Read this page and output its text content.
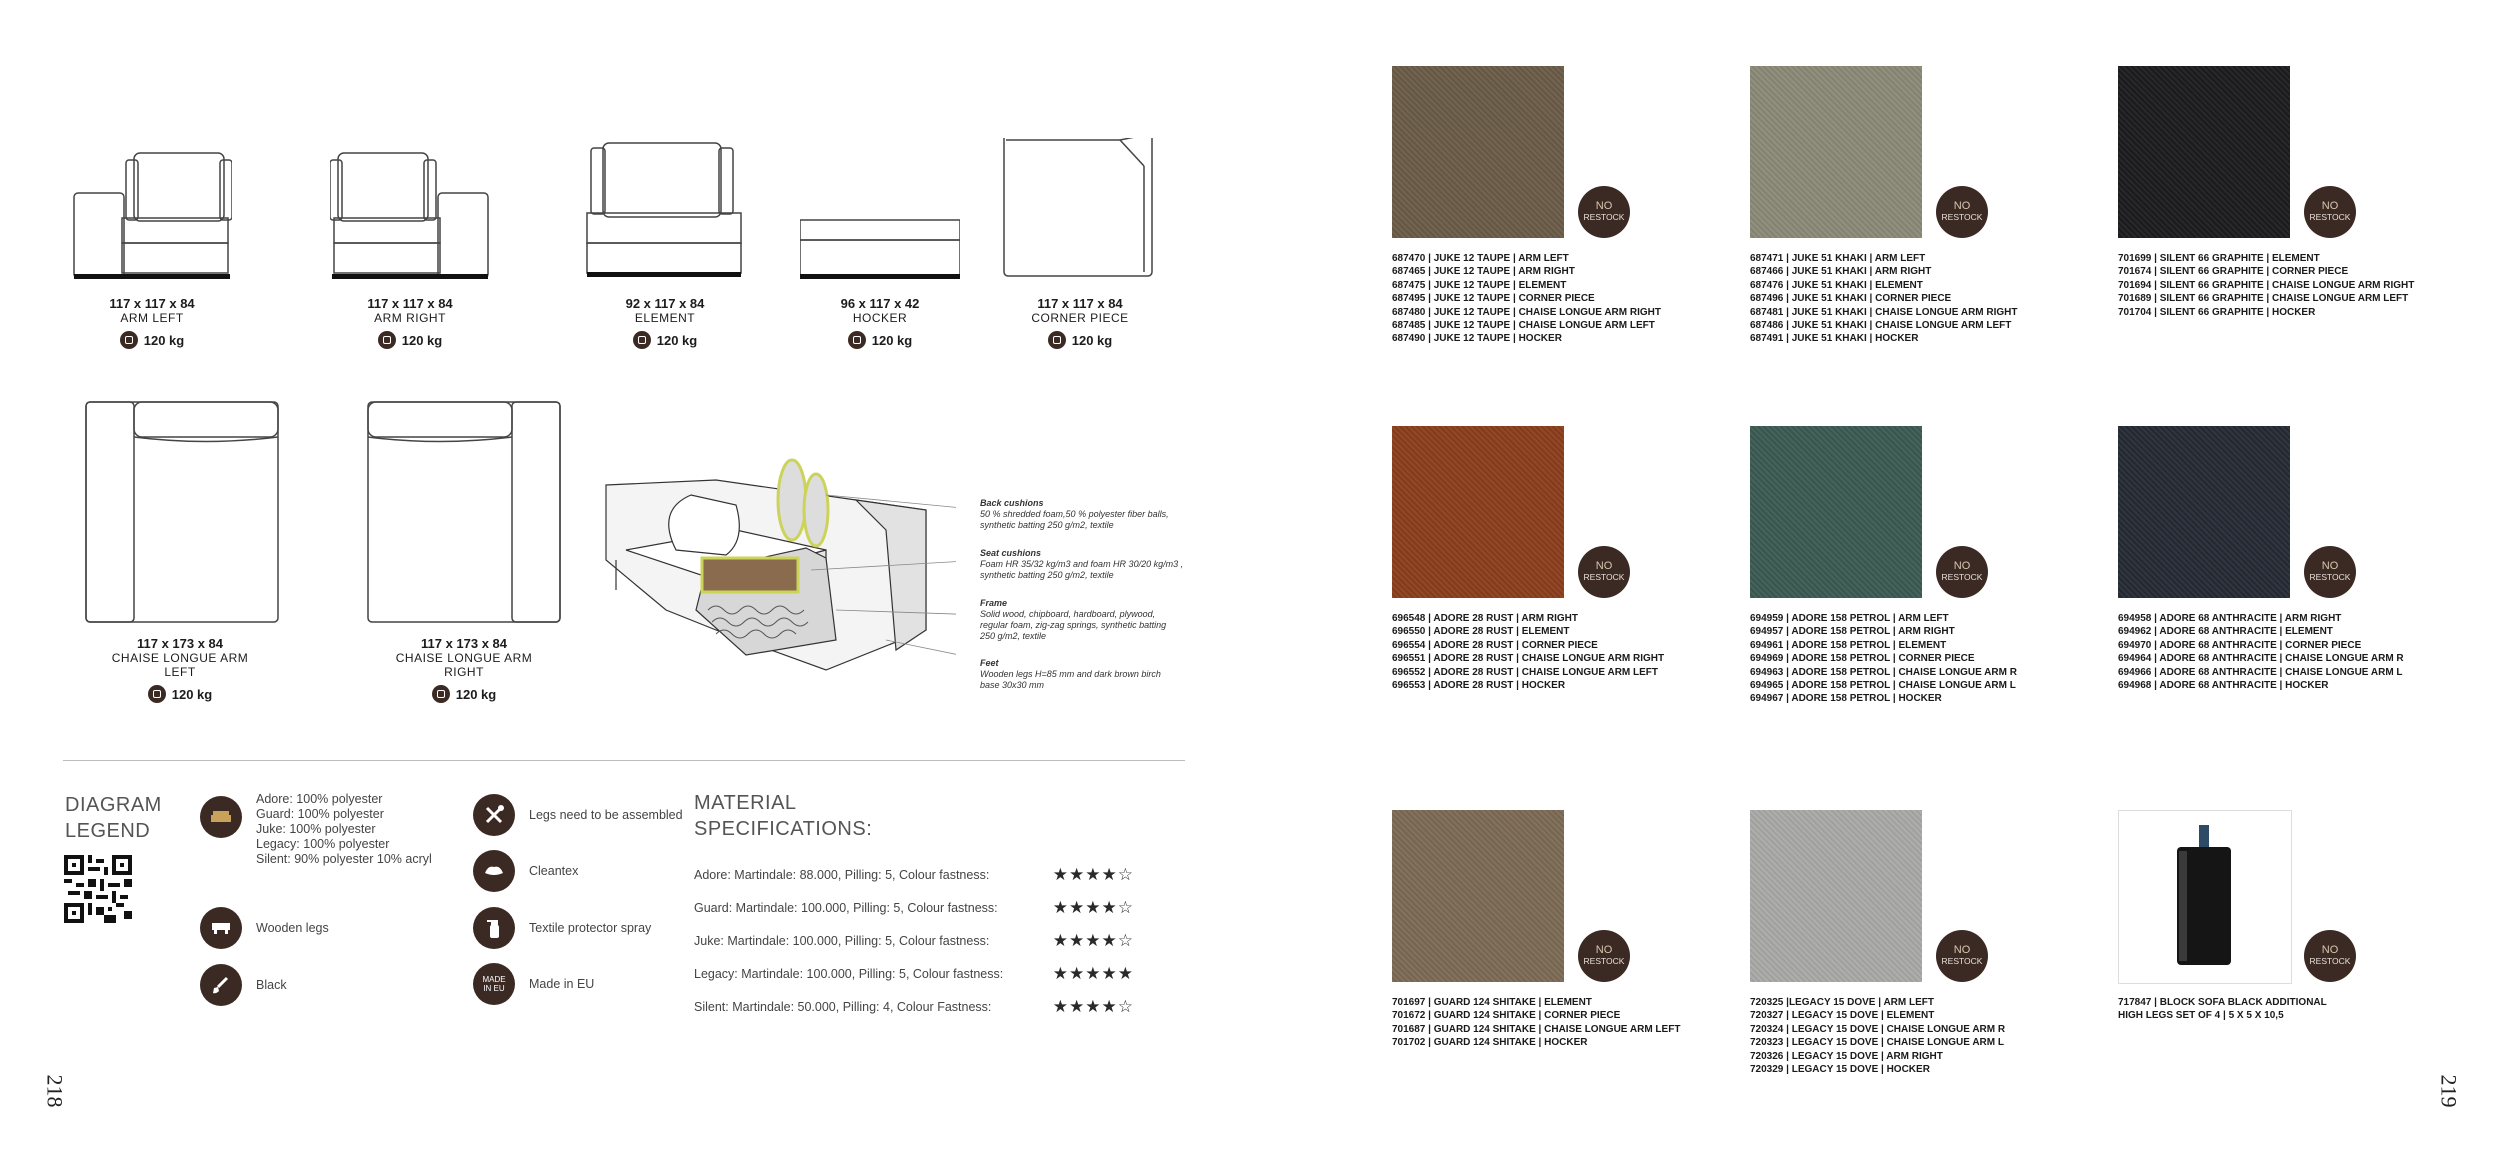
117 x 117 x 84
ARM LEFT
120 kg
117 x 117 x 84
ARM RIGHT
120 kg
92 x 117 x 84
ELEMENT
120 kg
96 x 117 x 42
HOCKER
120 kg
117 x 117 x 84
CORNER PIECE
120 kg
117 x 173 x 84
CHAISE LONGUE ARM LEFT
120 kg
117 x 173 x 84
CHAISE LONGUE ARM RIGHT
120 kg
Back cushions
50 % shredded foam,50 % polyester fiber balls, synthetic batting 250 g/m2, textile
Seat cushions
Foam HR 35/32 kg/m3 and foam HR 30/20 kg/m3 , synthetic batting 250 g/m2, textile
Frame
Solid wood, chipboard, hardboard, plywood, regular foam, zig-zag springs, synthetic batting 250 g/m2, textile
Feet
Wooden legs H=85 mm and dark brown birch base 30x30 mm
DIAGRAM
LEGEND
Adore: 100% polyester
Guard: 100% polyester
Juke: 100% polyester
Legacy: 100% polyester
Silent: 90% polyester 10% acryl
Wooden legs
Black
Legs need to be assembled
Cleantex
Textile protector spray
MADE IN EU Made in EU
MATERIAL
SPECIFICATIONS:
Adore: Martindale: 88.000, Pilling: 5, Colour fastness:	★★★★☆
Guard: Martindale: 100.000, Pilling: 5, Colour fastness:	★★★★☆
Juke: Martindale: 100.000, Pilling: 5, Colour fastness:	★★★★☆
Legacy: Martindale: 100.000, Pilling: 5, Colour fastness:	★★★★★
Silent: Martindale: 50.000, Pilling: 4, Colour Fastness:	★★★★☆
218	219
NO
RESTOCK
687470 | JUKE 12 TAUPE | ARM LEFT
687465 | JUKE 12 TAUPE | ARM RIGHT
687475 | JUKE 12 TAUPE | ELEMENT
687495 | JUKE 12 TAUPE | CORNER PIECE
687480 | JUKE 12 TAUPE | CHAISE LONGUE ARM RIGHT
687485 | JUKE 12 TAUPE | CHAISE LONGUE ARM LEFT
687490 | JUKE 12 TAUPE | HOCKER
NO
RESTOCK
687471 | JUKE 51 KHAKI | ARM LEFT
687466 | JUKE 51 KHAKI | ARM RIGHT
687476 | JUKE 51 KHAKI | ELEMENT
687496 | JUKE 51 KHAKI | CORNER PIECE
687481 | JUKE 51 KHAKI | CHAISE LONGUE ARM RIGHT
687486 | JUKE 51 KHAKI | CHAISE LONGUE ARM LEFT
687491 | JUKE 51 KHAKI | HOCKER
NO
RESTOCK
701699 | SILENT 66 GRAPHITE | ELEMENT
701674 | SILENT 66 GRAPHITE | CORNER PIECE
701694 | SILENT 66 GRAPHITE | CHAISE LONGUE ARM RIGHT
701689 | SILENT 66 GRAPHITE | CHAISE LONGUE ARM LEFT
701704 | SILENT 66 GRAPHITE | HOCKER
NO
RESTOCK
696548 | ADORE 28 RUST | ARM RIGHT
696550 | ADORE 28 RUST | ELEMENT
696554 | ADORE 28 RUST | CORNER PIECE
696551 | ADORE 28 RUST | CHAISE LONGUE ARM RIGHT
696552 | ADORE 28 RUST | CHAISE LONGUE ARM LEFT
696553 | ADORE 28 RUST | HOCKER
NO
RESTOCK
694959 | ADORE 158 PETROL | ARM LEFT
694957 | ADORE 158 PETROL | ARM RIGHT
694961 | ADORE 158 PETROL | ELEMENT
694969 | ADORE 158 PETROL | CORNER PIECE
694963 | ADORE 158 PETROL | CHAISE LONGUE ARM R
694965 | ADORE 158 PETROL | CHAISE LONGUE ARM L
694967 | ADORE 158 PETROL | HOCKER
NO
RESTOCK
694958 | ADORE 68 ANTHRACITE | ARM RIGHT
694962 | ADORE 68 ANTHRACITE | ELEMENT
694970 | ADORE 68 ANTHRACITE | CORNER PIECE
694964 | ADORE 68 ANTHRACITE | CHAISE LONGUE ARM R
694966 | ADORE 68 ANTHRACITE | CHAISE LONGUE ARM L
694968 | ADORE 68 ANTHRACITE | HOCKER
NO
RESTOCK
701697 | GUARD 124 SHITAKE | ELEMENT
701672 | GUARD 124 SHITAKE | CORNER PIECE
701687 | GUARD 124 SHITAKE | CHAISE LONGUE ARM LEFT
701702 | GUARD 124 SHITAKE | HOCKER
NO
RESTOCK
720325 |LEGACY 15 DOVE | ARM LEFT
720327 | LEGACY 15 DOVE | ELEMENT
720324 | LEGACY 15 DOVE | CHAISE LONGUE ARM R
720323 | LEGACY 15 DOVE | CHAISE LONGUE ARM L
720326 | LEGACY 15 DOVE | ARM RIGHT
720329 | LEGACY 15 DOVE | HOCKER
NO
RESTOCK
717847 | BLOCK SOFA BLACK ADDITIONAL
HIGH LEGS SET OF 4 | 5 X 5 X 10,5
